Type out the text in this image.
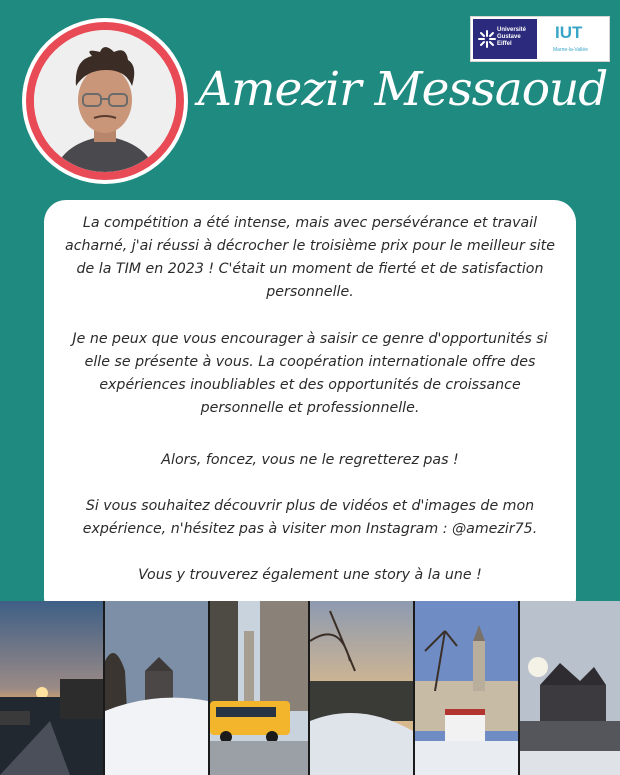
Amezir Messaoud
Université
Gustave
Eiffel
IUT
Marne-la-Vallée

La compétition a été intense, mais avec persévérance et travail acharné, j'ai réussi à décrocher le troisième prix pour le meilleur site de la TIM en 2023 ! C'était un moment de fierté et de satisfaction personnelle.

Je ne peux que vous encourager à saisir ce genre d'opportunités si elle se présente à vous. La coopération internationale offre des expériences inoubliables et des opportunités de croissance personnelle et professionnelle.

Alors, foncez, vous ne le regretterez pas !

Si vous souhaitez découvrir plus de vidéos et d'images de mon expérience, n'hésitez pas à visiter mon Instagram : @amezir75.

Vous y trouverez également une story à la une !
